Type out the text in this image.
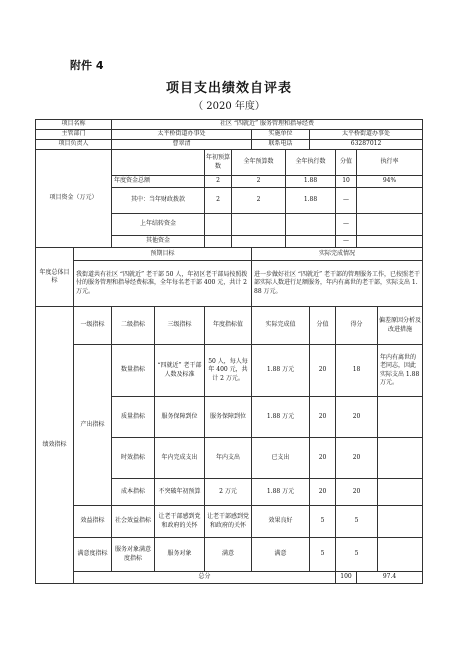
附件 4
项目支出绩效自评表
（ 2020 年度）
项目名称		社区 “四就近” 服务管理和指导经费										
主管部门		太平桥街道办事处				实施单位		太平桥街道办事处				
项目负责人		曹翠清				联系电话		63287012				
项目资金（万元）				年初预算数	全年预算数		全年执行数		分值	执行率		
		年度资金总额		2	2		1.88		10	94%		
		其中：当年财政拨款		2	2		1.88		—			
		上年结转资金							—			
		其他资金							—			
年度总体目标	预期目标					实际完成情况						
	我街道共有社区 “四就近” 老干部 50 人，年初区老干部局按照拨付的服务管理和指导经费标准，全年每名老干部 400 元，共计 2 万元。					进一步做好社区 “四就近” 老干部的管理服务工作，已按照老干部实际人数进行足额服务，年内有离世的老干部，实际支出 1.88 万元。						
绩效指标	一级指标	二级指标	三级指标	年度指标值		实际完成值		分值	得分		偏差原因分析及改进措施	
	产出指标	数量指标	“四就近” 老干部人数及标准	50 人，每人每年 400 元，共计 2 万元。		1.88 万元		20	18		年内有离世的老同志，因此实际支出 1.88 万元。	
		质量指标	服务保障到位	服务保障到位		1.88 万元		20	20			
		时效指标	年内完成支出	年内支出		已支出		20	20			
		成本指标	不突破年初预算	2 万元		1.88 万元		20	20			
	效益指标	社会效益指标	让老干部感到党和政府的关怀	让老干部感到党和政府的关怀		效果良好		5	5			
	满意度指标	服务对象满意度指标	服务对象	满意		满意		5	5			
	总分								100	97.4		
